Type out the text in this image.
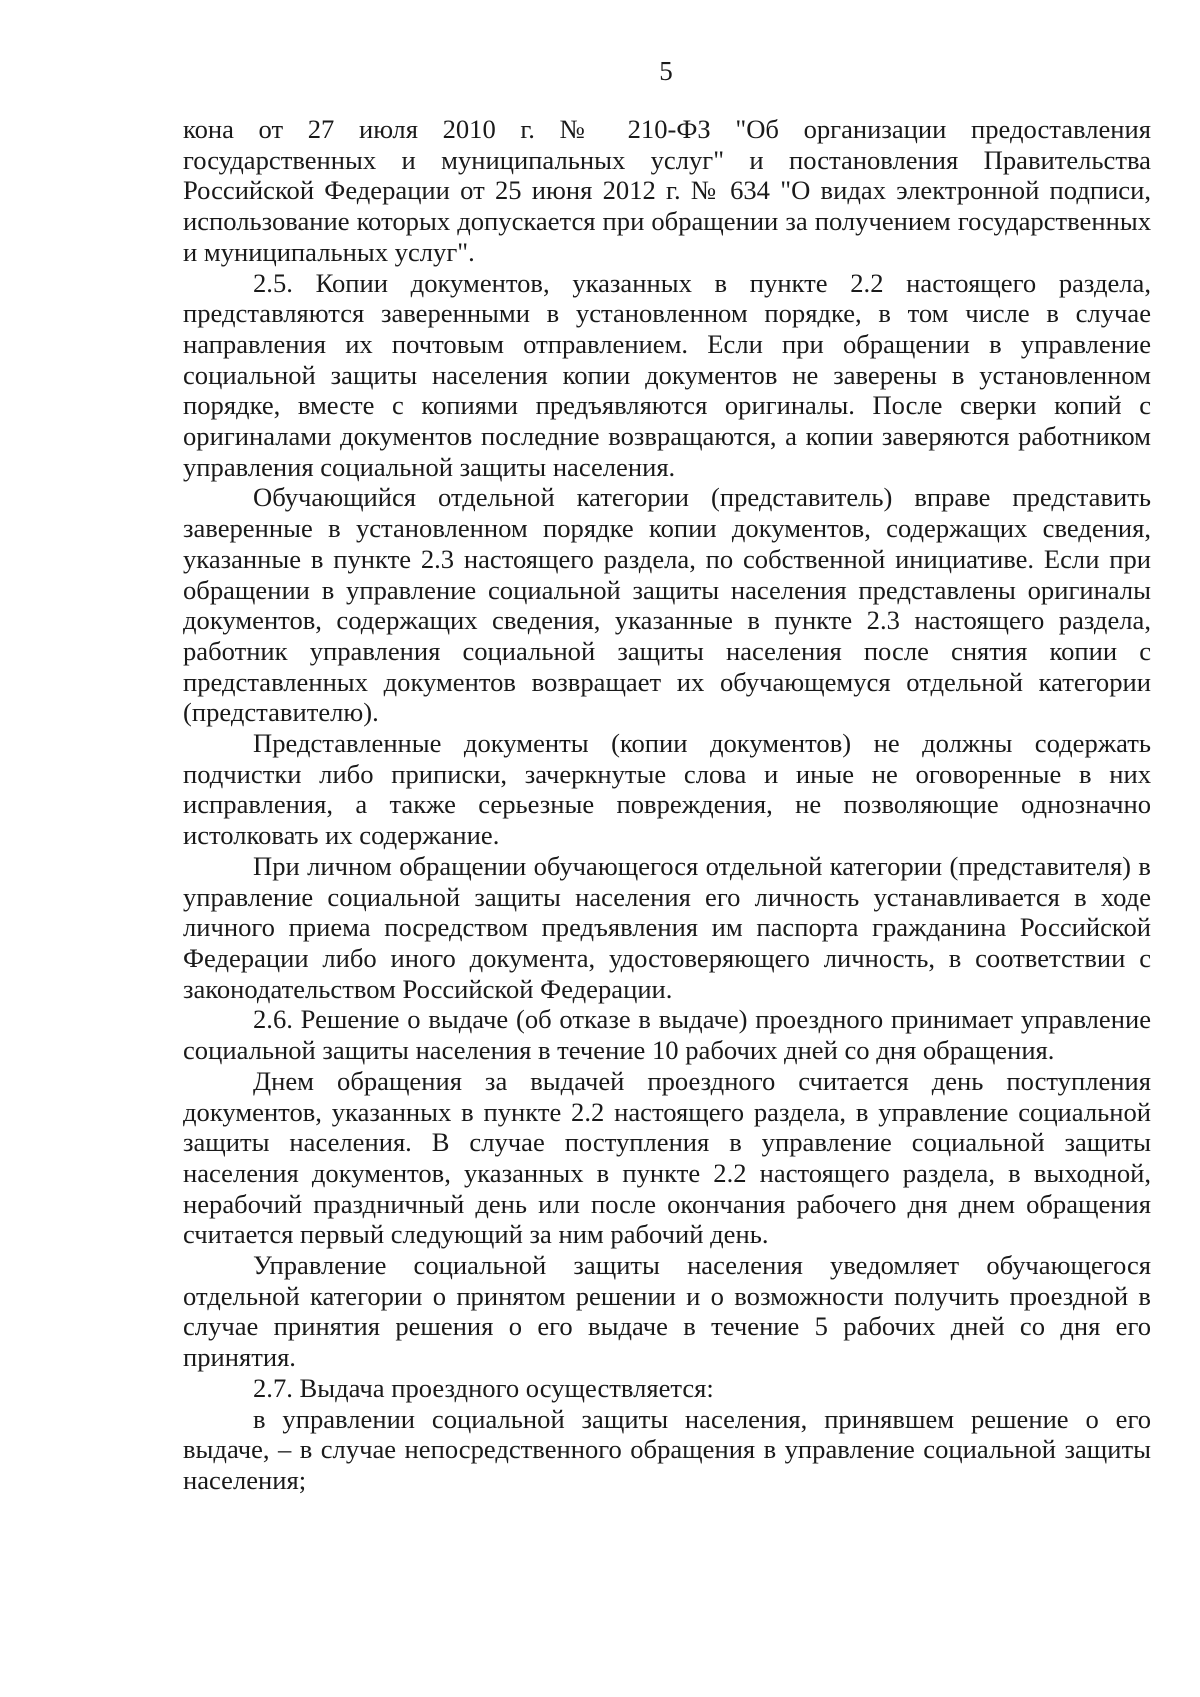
5

кона от 27 июля 2010 г. № 210-ФЗ "Об организации предоставления государственных и муниципальных услуг" и постановления Правительства Российской Федерации от 25 июня 2012 г. № 634 "О видах электронной подписи, использование которых допускается при обращении за получением государственных и муниципальных услуг".

2.5. Копии документов, указанных в пункте 2.2 настоящего раздела, представляются заверенными в установленном порядке, в том числе в случае направления их почтовым отправлением. Если при обращении в управление социальной защиты населения копии документов не заверены в установленном порядке, вместе с копиями предъявляются оригиналы. После сверки копий с оригиналами документов последние возвращаются, а копии заверяются работником управления социальной защиты населения.

Обучающийся отдельной категории (представитель) вправе представить заверенные в установленном порядке копии документов, содержащих сведения, указанные в пункте 2.3 настоящего раздела, по собственной инициативе. Если при обращении в управление социальной защиты населения представлены оригиналы документов, содержащих сведения, указанные в пункте 2.3 настоящего раздела, работник управления социальной защиты населения после снятия копии с представленных документов возвращает их обучающемуся отдельной категории (представителю).

Представленные документы (копии документов) не должны содержать подчистки либо приписки, зачеркнутые слова и иные не оговоренные в них исправления, а также серьезные повреждения, не позволяющие однозначно истолковать их содержание.

При личном обращении обучающегося отдельной категории (представителя) в управление социальной защиты населения его личность устанавливается в ходе личного приема посредством предъявления им паспорта гражданина Российской Федерации либо иного документа, удостоверяющего личность, в соответствии с законодательством Российской Федерации.

2.6. Решение о выдаче (об отказе в выдаче) проездного принимает управление социальной защиты населения в течение 10 рабочих дней со дня обращения.

Днем обращения за выдачей проездного считается день поступления документов, указанных в пункте 2.2 настоящего раздела, в управление социальной защиты населения. В случае поступления в управление социальной защиты населения документов, указанных в пункте 2.2 настоящего раздела, в выходной, нерабочий праздничный день или после окончания рабочего дня днем обращения считается первый следующий за ним рабочий день.

Управление социальной защиты населения уведомляет обучающегося отдельной категории о принятом решении и о возможности получить проездной в случае принятия решения о его выдаче в течение 5 рабочих дней со дня его принятия.

2.7. Выдача проездного осуществляется:

в управлении социальной защиты населения, принявшем решение о его выдаче, – в случае непосредственного обращения в управление социальной защиты населения;
